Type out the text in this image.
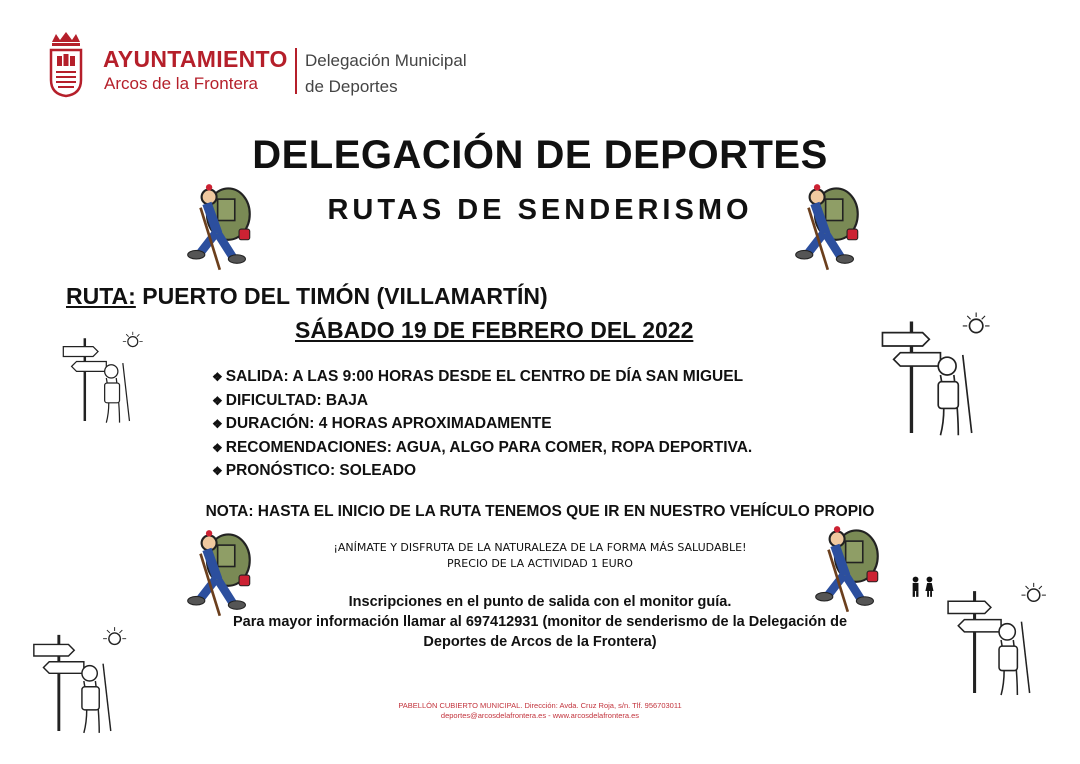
AYUNTAMIENTO
Arcos de la Frontera
Delegación Municipal
de Deportes
DELEGACIÓN DE DEPORTES
RUTAS DE SENDERISMO
RUTA: PUERTO DEL TIMÓN (VILLAMARTÍN)
SÁBADO 19 DE FEBRERO DEL 2022
❖ SALIDA: A LAS 9:00 HORAS DESDE EL CENTRO DE DÍA SAN MIGUEL
❖ DIFICULTAD: BAJA
❖ DURACIÓN: 4 HORAS APROXIMADAMENTE
❖ RECOMENDACIONES: AGUA, ALGO PARA COMER, ROPA DEPORTIVA.
❖ PRONÓSTICO: SOLEADO
NOTA: HASTA EL INICIO DE LA RUTA TENEMOS QUE IR EN NUESTRO VEHÍCULO PROPIO
¡ANÍMATE Y DISFRUTA DE LA NATURALEZA DE LA FORMA MÁS SALUDABLE!
PRECIO DE LA ACTIVIDAD 1 EURO
Inscripciones en el punto de salida con el monitor guía.
Para mayor información llamar al 697412931 (monitor de senderismo de la Delegación de
Deportes de Arcos de la Frontera)
PABELLÓN CUBIERTO MUNICIPAL. Dirección: Avda. Cruz Roja, s/n. Tlf. 956703011
deportes@arcosdelafrontera.es - www.arcosdelafrontera.es
